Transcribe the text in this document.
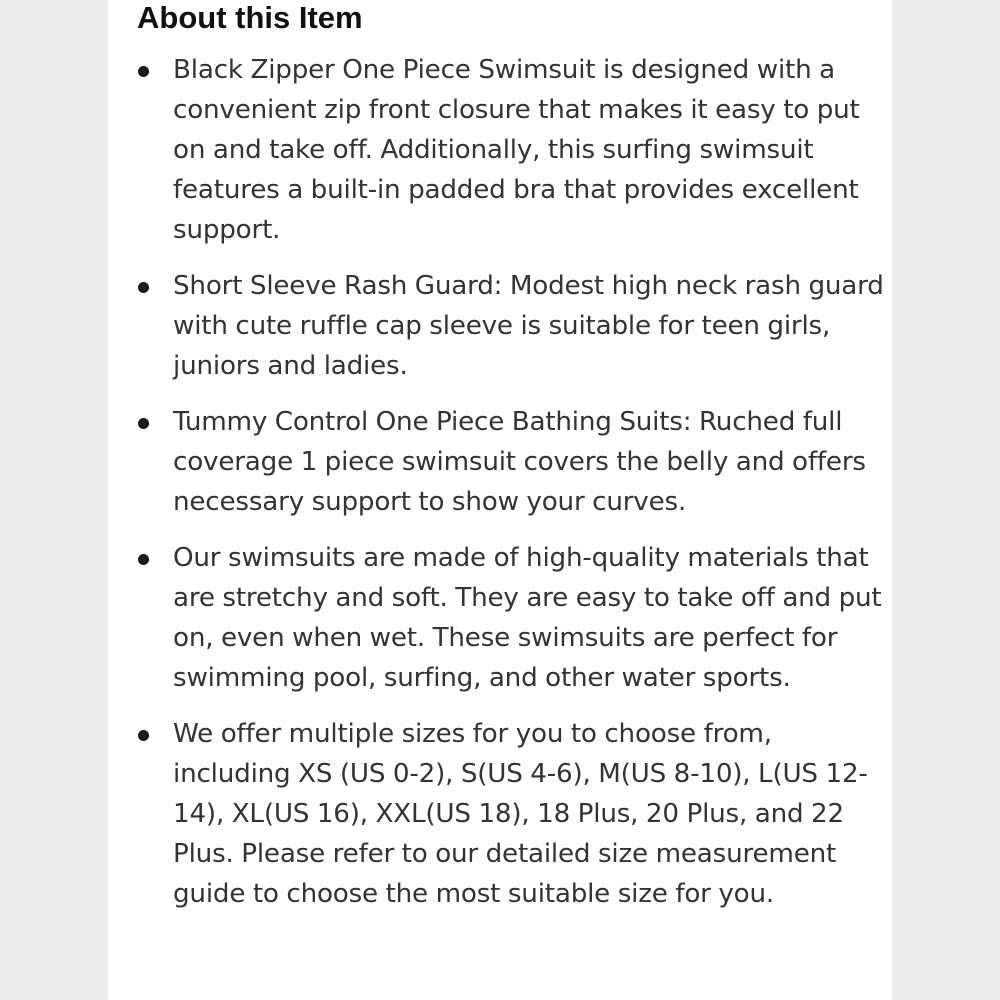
About this Item

Black Zipper One Piece Swimsuit is designed with a convenient zip front closure that makes it easy to put on and take off. Additionally, this surfing swimsuit features a built-in padded bra that provides excellent support.

Short Sleeve Rash Guard: Modest high neck rash guard with cute ruffle cap sleeve is suitable for teen girls, juniors and ladies.

Tummy Control One Piece Bathing Suits: Ruched full coverage 1 piece swimsuit covers the belly and offers necessary support to show your curves.

Our swimsuits are made of high-quality materials that are stretchy and soft. They are easy to take off and put on, even when wet. These swimsuits are perfect for swimming pool, surfing, and other water sports.

We offer multiple sizes for you to choose from, including XS (US 0-2), S(US 4-6), M(US 8-10), L(US 12-14), XL(US 16), XXL(US 18), 18 Plus, 20 Plus, and 22 Plus. Please refer to our detailed size measurement guide to choose the most suitable size for you.
